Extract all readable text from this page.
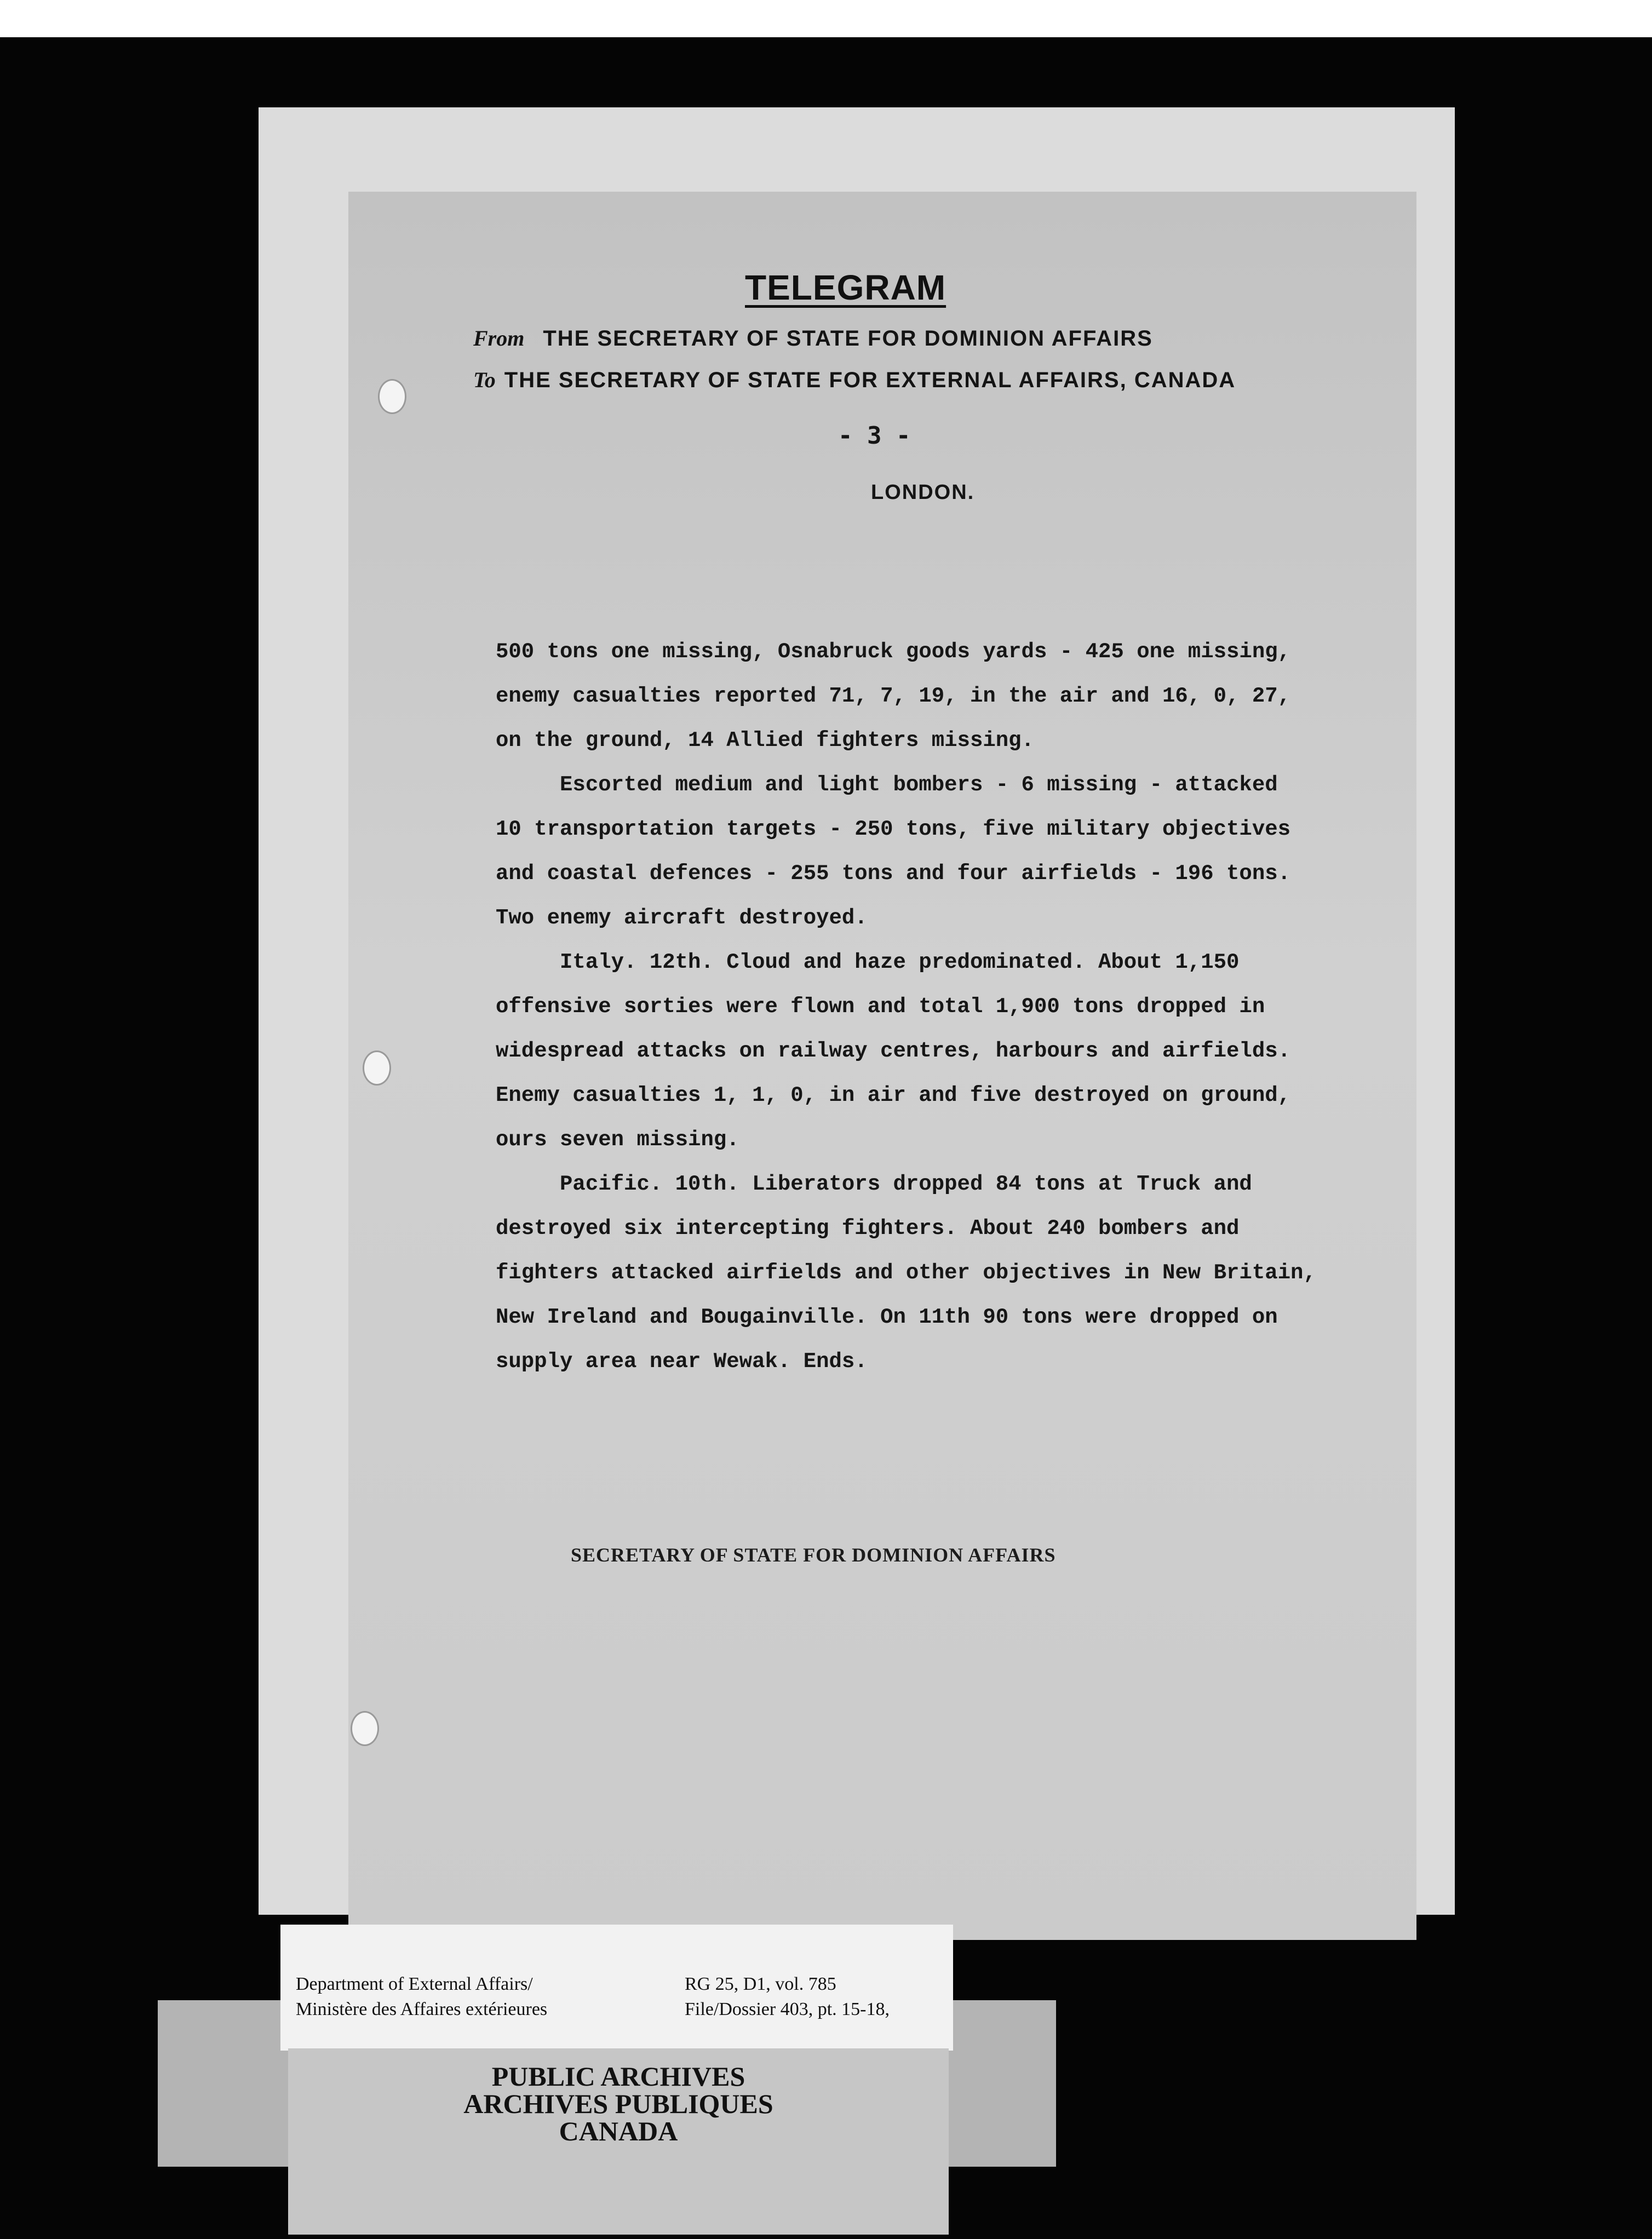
TELEGRAM
From THE SECRETARY OF STATE FOR DOMINION AFFAIRS
To THE SECRETARY OF STATE FOR EXTERNAL AFFAIRS, CANADA
- 3 -
LONDON.

500 tons one missing, Osnabruck goods yards - 425 one missing,

enemy casualties reported 71, 7, 19, in the air and 16, 0, 27,

on the ground, 14 Allied fighters missing.

Escorted medium and light bombers - 6 missing - attacked

10 transportation targets - 250 tons, five military objectives

and coastal defences - 255 tons and four airfields - 196 tons.

Two enemy aircraft destroyed.

Italy. 12th. Cloud and haze predominated. About 1,150

offensive sorties were flown and total 1,900 tons dropped in

widespread attacks on railway centres, harbours and airfields.

Enemy casualties 1, 1, 0, in air and five destroyed on ground,

ours seven missing.

Pacific. 10th. Liberators dropped 84 tons at Truck and

destroyed six intercepting fighters. About 240 bombers and

fighters attacked airfields and other objectives in New Britain,

New Ireland and Bougainville. On 11th 90 tons were dropped on

supply area near Wewak. Ends.

SECRETARY OF STATE FOR DOMINION AFFAIRS
Department of External Affairs/
Ministère des Affaires extérieures
RG 25, D1, vol. 785
File/Dossier 403, pt. 15-18,
PUBLIC ARCHIVES
ARCHIVES PUBLIQUES
CANADA
